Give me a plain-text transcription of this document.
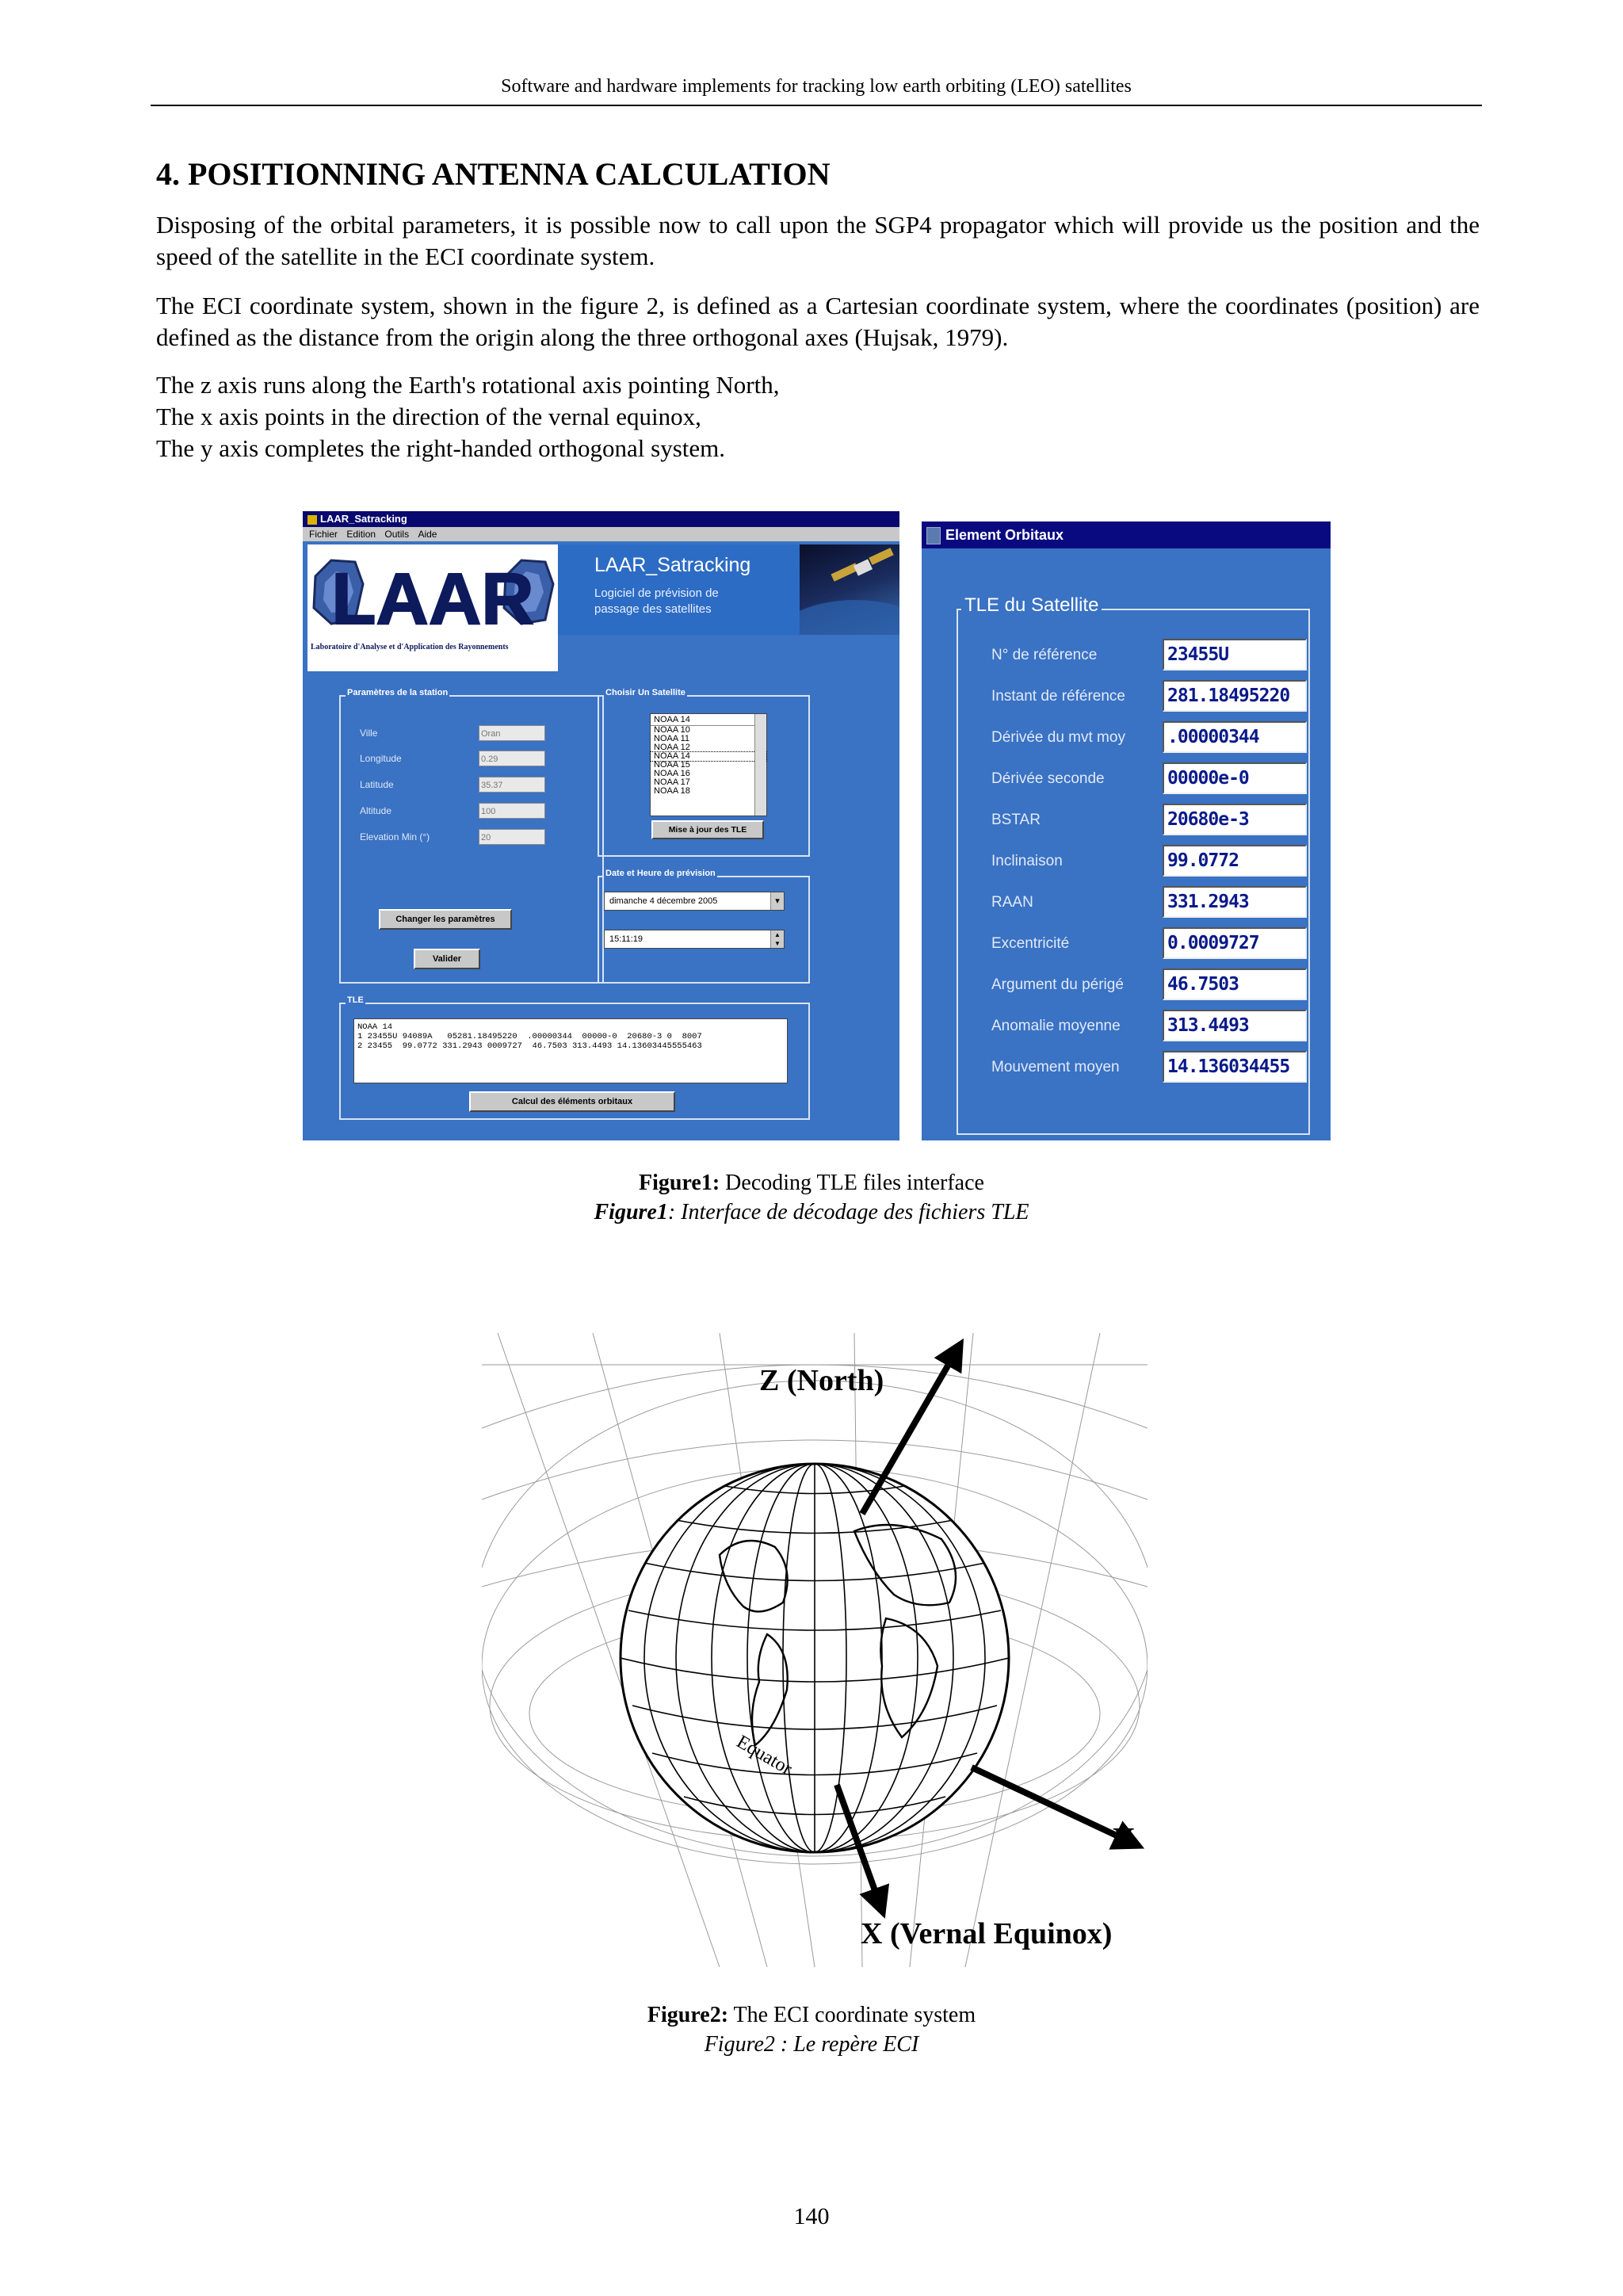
Software and hardware implements for tracking low earth orbiting (LEO) satellites
4. POSITIONNING ANTENNA CALCULATION
Disposing of the orbital parameters, it is possible now to call upon the SGP4 propagator which will provide us the position and the speed of the satellite in the ECI coordinate system.
The ECI coordinate system, shown in the figure 2, is defined as a Cartesian coordinate system, where the coordinates (position) are defined as the distance from the origin along the three orthogonal axes (Hujsak, 1979).
The z axis runs along the Earth's rotational axis pointing North,
The x axis points in the direction of the vernal equinox,
The y axis completes the right-handed orthogonal system.
LAAR_Satracking
Fichier Edition Outils Aide
LAAR
Laboratoire d'Analyse et d'Application des Rayonnements
LAAR_Satracking
Logiciel de prévision de
passage des satellites
Paramètres de la station
Ville	Oran
Longitude	0.29
Latitude	35.37
Altitude	100
Elevation Min (°)	20
Changer les paramètres
Valider
Choisir Un Satellite
NOAA 14
NOAA 10
NOAA 11
NOAA 12
NOAA 14
NOAA 15
NOAA 16
NOAA 17
NOAA 18
Mise à jour des TLE
Date et Heure de prévision
dimanche 4 décembre 2005	▾
15:11:19	▲
▼
TLE
NOAA 14
1 23455U 94089A   05281.18495220  .00000344  00000-0  20680-3 0  8007
2 23455  99.0772 331.2943 0009727  46.7503 313.4493 14.13603445555463
Calcul des éléments orbitaux
Element Orbitaux
TLE du Satellite
N° de référence	23455U
Instant de référence 281.18495220
Dérivée du mvt moy .00000344
Dérivée seconde	00000e-0
BSTAR	20680e-3
Inclinaison	99.0772
RAAN	331.2943
Excentricité	0.0009727
Argument du périgé 46.7503
Anomalie moyenne	313.4493
Mouvement moyen	14.136034455
Figure1: Decoding TLE files interface
Figure1: Interface de décodage des fichiers TLE
Z (North)
Y
X (Vernal Equinox)
Equator
Figure2: The ECI coordinate system
Figure2 : Le repère ECI
140
